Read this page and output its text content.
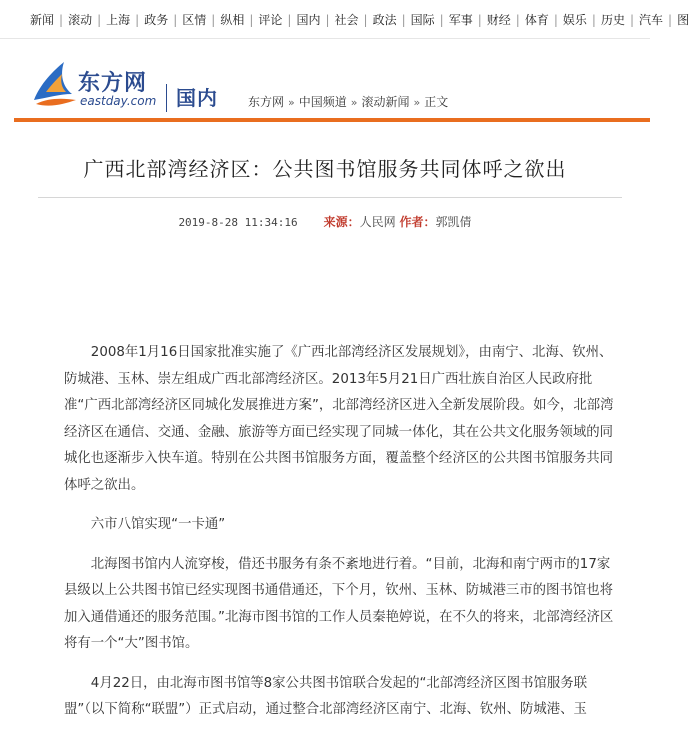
新闻 | 滚动 | 上海 | 政务 | 区情 | 纵相 | 评论 | 国内 | 社会 | 政法 | 国际 | 军事 | 财经 | 体育 | 娱乐 | 历史 | 汽车 | 图
东方网
eastday.com 国内	东方网 » 中国频道 » 滚动新闻 » 正文
广西北部湾经济区：公共图书馆服务共同体呼之欲出
2019-8-28 11:34:16 来源：人民网 作者：郭凯倩

2008年1月16日国家批准实施了《广西北部湾经济区发展规划》，由南宁、北海、钦州、防城港、玉林、崇左组成广西北部湾经济区。2013年5月21日广西壮族自治区人民政府批准“广西北部湾经济区同城化发展推进方案”，北部湾经济区进入全新发展阶段。如今，北部湾经济区在通信、交通、金融、旅游等方面已经实现了同城一体化，其在公共文化服务领域的同城化也逐渐步入快车道。特别在公共图书馆服务方面，覆盖整个经济区的公共图书馆服务共同体呼之欲出。

六市八馆实现“一卡通”

北海图书馆内人流穿梭，借还书服务有条不紊地进行着。“目前，北海和南宁两市的17家县级以上公共图书馆已经实现图书通借通还，下个月，钦州、玉林、防城港三市的图书馆也将加入通借通还的服务范围。”北海市图书馆的工作人员秦艳婷说，在不久的将来，北部湾经济区将有一个“大”图书馆。

4月22日，由北海市图书馆等8家公共图书馆联合发起的“北部湾经济区图书馆服务联盟”（以下简称“联盟”）正式启动，通过整合北部湾经济区南宁、北海、钦州、防城港、玉
